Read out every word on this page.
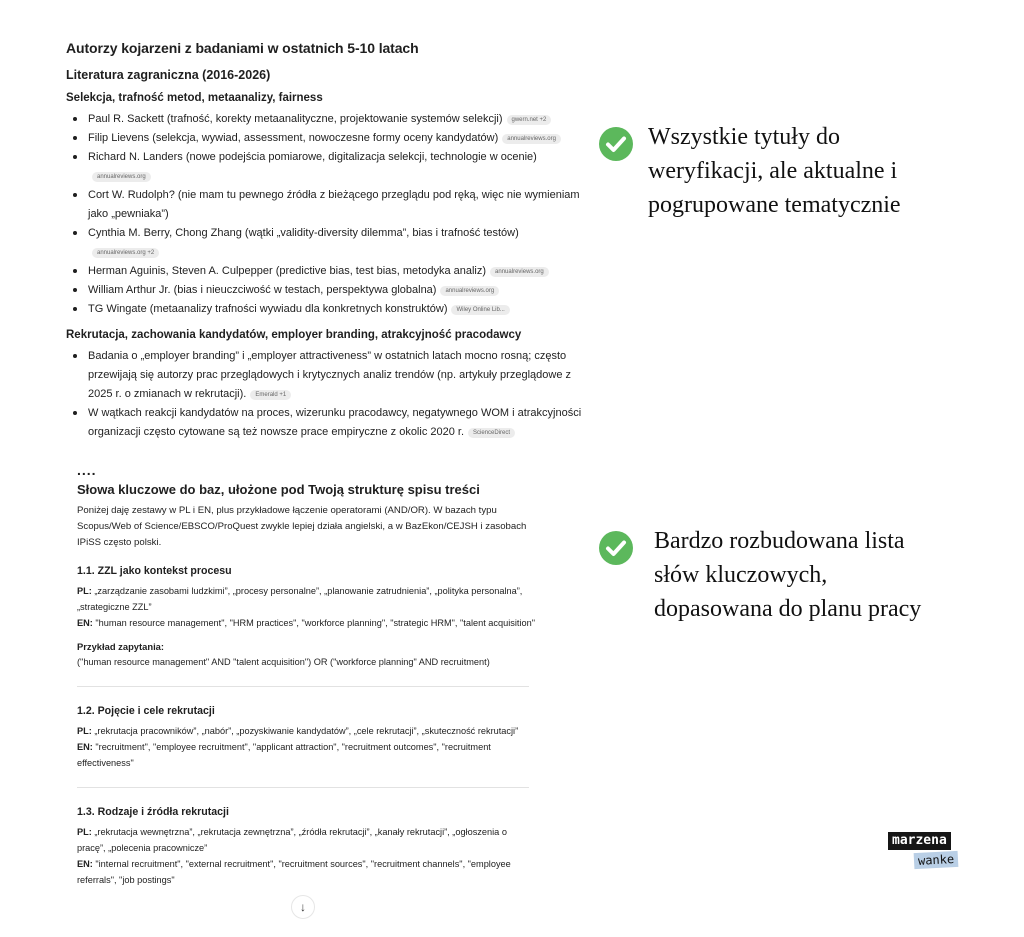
Autorzy kojarzeni z badaniami w ostatnich 5-10 latach
Literatura zagraniczna (2016-2026)
Selekcja, trafność metod, metaanalizy, fairness
Paul R. Sackett (trafność, korekty metaanalityczne, projektowanie systemów selekcji) gwern.net +2
Filip Lievens (selekcja, wywiad, assessment, nowoczesne formy oceny kandydatów) annualreviews.org
Richard N. Landers (nowe podejścia pomiarowe, digitalizacja selekcji, technologie w ocenie)annualreviews.org
Cort W. Rudolph? (nie mam tu pewnego źródła z bieżącego przeglądu pod ręką, więc nie wymieniam jako „pewniaka”)
Cynthia M. Berry, Chong Zhang (wątki „validity-diversity dilemma”, bias i trafność testów)annualreviews.org +2
Herman Aguinis, Steven A. Culpepper (predictive bias, test bias, metodyka analiz) annualreviews.org
William Arthur Jr. (bias i nieuczciwość w testach, perspektywa globalna) annualreviews.org
TG Wingate (metaanalizy trafności wywiadu dla konkretnych konstruktów) Wiley Online Lib...
Rekrutacja, zachowania kandydatów, employer branding, atrakcyjność pracodawcy
Badania o „employer branding” i „employer attractiveness” w ostatnich latach mocno rosną; często przewijają się autorzy prac przeglądowych i krytycznych analiz trendów (np. artykuły przeglądowe z 2025 r. o zmianach w rekrutacji). Emerald +1
W wątkach reakcji kandydatów na proces, wizerunku pracodawcy, negatywnego WOM i atrakcyjności organizacji często cytowane są też nowsze prace empiryczne z okolic 2020 r. ScienceDirect
....
Słowa kluczowe do baz, ułożone pod Twoją strukturę spisu treści
Poniżej daję zestawy w PL i EN, plus przykładowe łączenie operatorami (AND/OR). W bazach typu Scopus/Web of Science/EBSCO/ProQuest zwykle lepiej działa angielski, a w BazEkon/CEJSH i zasobach IPiSS często polski.
1.1. ZZL jako kontekst procesu

PL: „zarządzanie zasobami ludzkimi”, „procesy personalne”, „planowanie zatrudnienia”, „polityka personalna”, „strategiczne ZZL”

EN: "human resource management", "HRM practices", "workforce planning", "strategic HRM", "talent acquisition"

Przykład zapytania:

("human resource management" AND "talent acquisition") OR ("workforce planning" AND recruitment)

1.2. Pojęcie i cele rekrutacji

PL: „rekrutacja pracowników”, „nabór”, „pozyskiwanie kandydatów”, „cele rekrutacji”, „skuteczność rekrutacji”

EN: "recruitment", "employee recruitment", "applicant attraction", "recruitment outcomes", "recruitment effectiveness"

1.3. Rodzaje i źródła rekrutacji

PL: „rekrutacja wewnętrzna”, „rekrutacja zewnętrzna”, „źródła rekrutacji”, „kanały rekrutacji”, „ogłoszenia o pracę”, „polecenia pracownicze”

EN: "internal recruitment", "external recruitment", "recruitment sources", "recruitment channels", "employee referrals", "job postings"

↓
Wszystkie tytuły do weryfikacji, ale aktualne i pogrupowane tematycznie
Bardzo rozbudowana lista słów kluczowych, dopasowana do planu pracy
marzena
wanke
